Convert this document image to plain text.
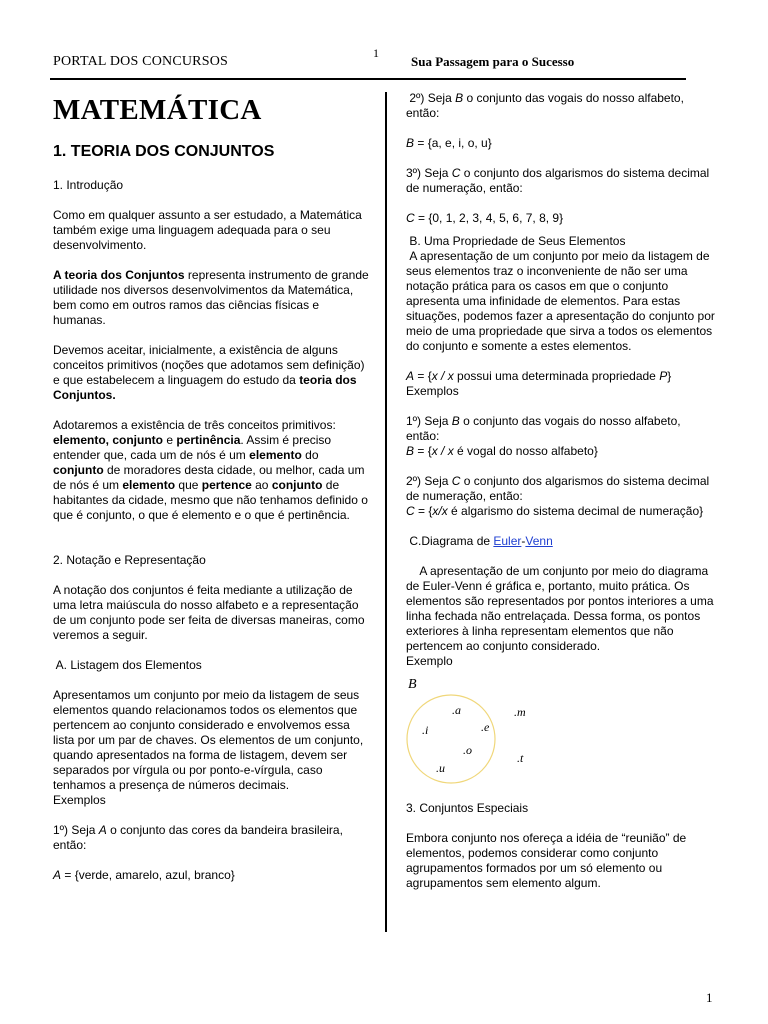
PORTAL DOS CONCURSOS
1
Sua Passagem para o Sucesso
MATEMÁTICA
1. TEORIA DOS CONJUNTOS

1. Introdução

Como em qualquer assunto a ser estudado, a Matemática também exige uma linguagem adequada para o seu desenvolvimento.

A teoria dos Conjuntos representa instrumento de grande utilidade nos diversos desenvolvimentos da Matemática, bem como em outros ramos das ciências físicas e humanas.

Devemos aceitar, inicialmente, a existência de alguns conceitos primitivos (noções que adotamos sem definição) e que estabelecem a linguagem do estudo da teoria dos Conjuntos.

Adotaremos a existência de três conceitos primitivos: elemento, conjunto e pertinência. Assim é preciso entender que, cada um de nós é um elemento do conjunto de moradores desta cidade, ou melhor, cada um de nós é um elemento que pertence ao conjunto de habitantes da cidade, mesmo que não tenhamos definido o que é conjunto, o que é elemento e o que é pertinência.

2. Notação e Representação

A notação dos conjuntos é feita mediante a utilização de uma letra maiúscula do nosso alfabeto e a representação de um conjunto pode ser feita de diversas maneiras, como veremos a seguir.

A. Listagem dos Elementos

Apresentamos um conjunto por meio da listagem de seus elementos quando relacionamos todos os elementos que pertencem ao conjunto considerado e envolvemos essa lista por um par de chaves. Os elementos de um conjunto, quando apresentados na forma de listagem, devem ser separados por vírgula ou por ponto-e-vírgula, caso tenhamos a presença de números decimais.

Exemplos

1º) Seja A o conjunto das cores da bandeira brasileira, então:

A = {verde, amarelo, azul, branco}

2º) Seja B o conjunto das vogais do nosso alfabeto, então:

B = {a, e, i, o, u}

3º) Seja C o conjunto dos algarismos do sistema decimal de numeração, então:

C = {0, 1, 2, 3, 4, 5, 6, 7, 8, 9}

B. Uma Propriedade de Seus Elementos

A apresentação de um conjunto por meio da listagem de seus elementos traz o inconveniente de não ser uma notação prática para os casos em que o conjunto apresenta uma infinidade de elementos. Para estas situações, podemos fazer a apresentação do conjunto por meio de uma propriedade que sirva a todos os elementos do conjunto e somente a estes elementos.

A = {x / x possui uma determinada propriedade P}

Exemplos

1º) Seja B o conjunto das vogais do nosso alfabeto, então:

B = {x / x é vogal do nosso alfabeto}

2º) Seja C o conjunto dos algarismos do sistema decimal de numeração, então:

C = {x/x é algarismo do sistema decimal de numeração}

C.Diagrama de Euler-Venn

A apresentação de um conjunto por meio do diagrama de Euler-Venn é gráfica e, portanto, muito prática. Os elementos são representados por pontos interiores a uma linha fechada não entrelaçada. Dessa forma, os pontos exteriores à linha representam elementos que não pertencem ao conjunto considerado.

Exemplo

B
.a
.i	.e
.o
.u
.m
.t

3. Conjuntos Especiais

Embora conjunto nos ofereça a idéia de “reunião” de elementos, podemos considerar como conjunto agrupamentos formados por um só elemento ou agrupamentos sem elemento algum.

1
